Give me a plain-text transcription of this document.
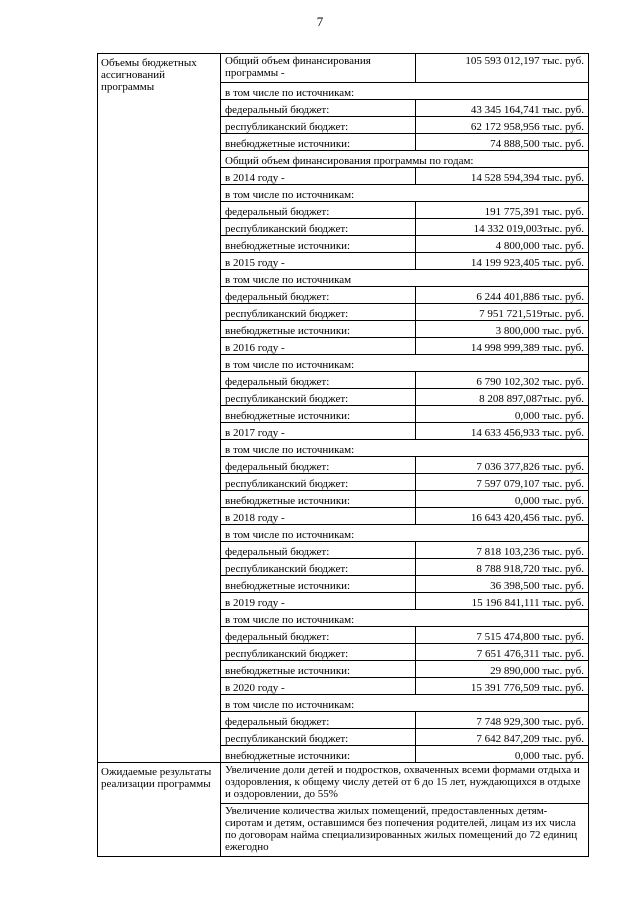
7
Объемы бюджетных ассигнований программы	
Общий объем финансирования программы -	105 593 012,197 тыс. руб.
в том числе по источникам:
федеральный бюджет:	43 345 164,741 тыс. руб.
республиканский бюджет:	62 172 958,956 тыс. руб.
внебюджетные источники:	74 888,500 тыс. руб.
Общий объем финансирования программы по годам:
в 2014 году -	14 528 594,394 тыс. руб.
в том числе по источникам:
федеральный бюджет:	191 775,391 тыс. руб.
республиканский бюджет:	14 332 019,003тыс. руб.
внебюджетные источники:	4 800,000 тыс. руб.
в 2015 году -	14 199 923,405 тыс. руб.
в том числе по источникам
федеральный бюджет:	6 244 401,886 тыс. руб.
республиканский бюджет:	7 951 721,519тыс. руб.
внебюджетные источники:	3 800,000 тыс. руб.
в 2016 году -	14 998 999,389 тыс. руб.
в том числе по источникам:
федеральный бюджет:	6 790 102,302 тыс. руб.
республиканский бюджет:	8 208 897,087тыс. руб.
внебюджетные источники:	0,000 тыс. руб.
в 2017 году -	14 633 456,933 тыс. руб.
в том числе по источникам:
федеральный бюджет:	7 036 377,826 тыс. руб.
республиканский бюджет:	7 597 079,107 тыс. руб.
внебюджетные источники:	0,000 тыс. руб.
в 2018 году -	16 643 420,456 тыс. руб.
в том числе по источникам:
федеральный бюджет:	7 818 103,236 тыс. руб.
республиканский бюджет:	8 788 918,720 тыс. руб.
внебюджетные источники:	36 398,500 тыс. руб.
в 2019 году -	15 196 841,111 тыс. руб.
в том числе по источникам:
федеральный бюджет:	7 515 474,800 тыс. руб.
республиканский бюджет:	7 651 476,311 тыс. руб.
внебюджетные источники:	29 890,000 тыс. руб.
в 2020 году -	15 391 776,509 тыс. руб.
в том числе по источникам:
федеральный бюджет:	7 748 929,300 тыс. руб.
республиканский бюджет:	7 642 847,209 тыс. руб.
внебюджетные источники:	0,000 тыс. руб.

Ожидаемые результаты реализации программы	
Увеличение доли детей и подростков, охваченных всеми формами отдыха и оздоровления, к общему числу детей от 6 до 15 лет, нуждающихся в отдыхе и оздоровлении, до 55%
Увеличение количества жилых помещений, предоставленных детям-сиротам и детям, оставшимся без попечения родителей, лицам из их числа по договорам найма специализированных жилых помещений до 72 единиц ежегодно
